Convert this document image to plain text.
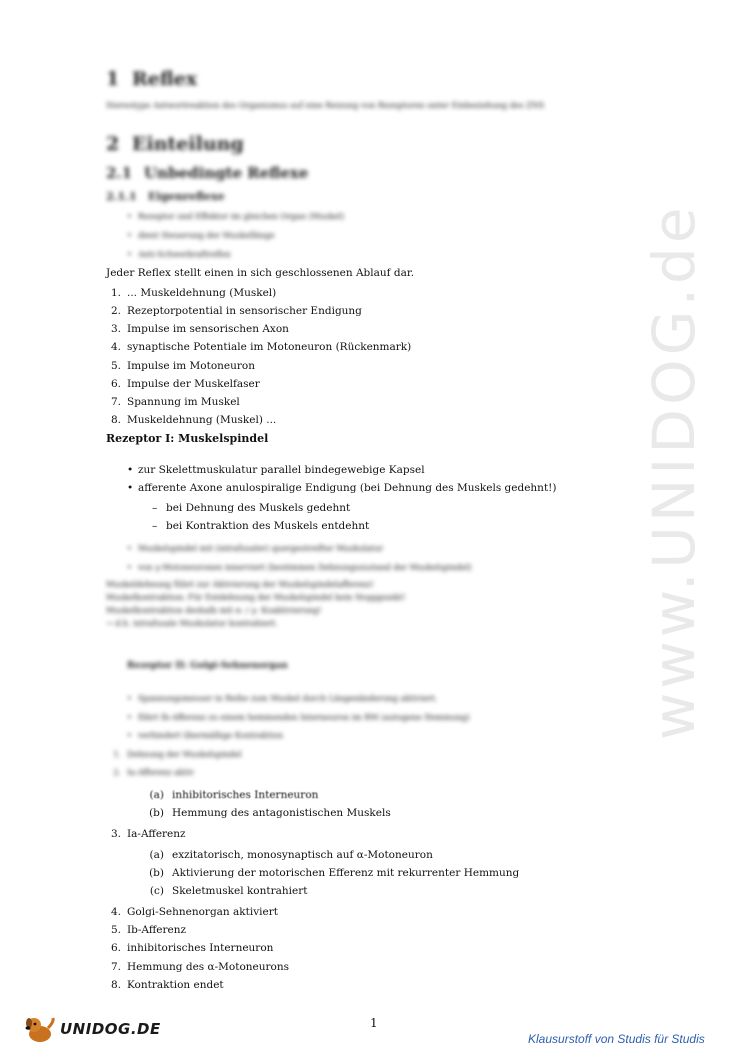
www.UNIDOG.de
1 Reflex
Stereotype Antwortreaktion des Organismus auf eine Reizung von Rezeptoren unter Einbeziehung des ZNS
2 Einteilung
2.1 Unbedingte Reflexe
2.1.1 Eigenreflexe
• Rezeptor und Effektor im gleichen Organ (Muskel)
• dient Steuerung der Muskellänge
• Anti-Schwerkraftreflex
Jeder Reflex stellt einen in sich geschlossenen Ablauf dar.
1. ... Muskeldehnung (Muskel)
2. Rezeptorpotential in sensorischer Endigung
3. Impulse im sensorischen Axon
4. synaptische Potentiale im Motoneuron (Rückenmark)
5. Impulse im Motoneuron
6. Impulse der Muskelfaser
7. Spannung im Muskel
8. Muskeldehnung (Muskel) ...
Rezeptor I: Muskelspindel
• zur Skelettmuskulatur parallel bindegewebige Kapsel
• afferente Axone anulospiralige Endigung (bei Dehnung des Muskels gedehnt!)
– bei Dehnung des Muskels gedehnt
– bei Kontraktion des Muskels entdehnt
• Muskelspindel mit (intrafusaler) quergestreifter Muskulatur
• von γ-Motoneuronen innerviert (bestimmen Dehnungszustand der Muskelspindel)
Muskeldehnung führt zur Aktivierung der Muskelspindelafferenz!
Muskelkontraktion: Für Entdehnung der Muskelspindel kein Stopppunkt!
Muskelkontraktion deshalb mit α- / γ- Koaktivierung!
→ d.h. intrafusale Muskulatur kontrahiert.
Rezeptor II: Golgi-Sehnenorgan
• Spannungsmesser in Reihe zum Muskel durch Längenänderung aktiviert.
• führt Ib-Afferenz zu einem hemmenden Interneuron im RM (autogene Hemmung)
• verhindert übermäßige Kontraktion
1. Dehnung der Muskelspindel
2. Ia-Afferenz aktiv
(a) inhibitorisches Interneuron
(b) Hemmung des antagonistischen Muskels
3. Ia-Afferenz
(a) exzitatorisch, monosynaptisch auf α-Motoneuron
(b) Aktivierung der motorischen Efferenz mit rekurrenter Hemmung
(c) Skeletmuskel kontrahiert
4. Golgi-Sehnenorgan aktiviert
5. Ib-Afferenz
6. inhibitorisches Interneuron
7. Hemmung des α-Motoneurons
8. Kontraktion endet
1
UNIDOG.DE
Klausurstoff von Studis für Studis
